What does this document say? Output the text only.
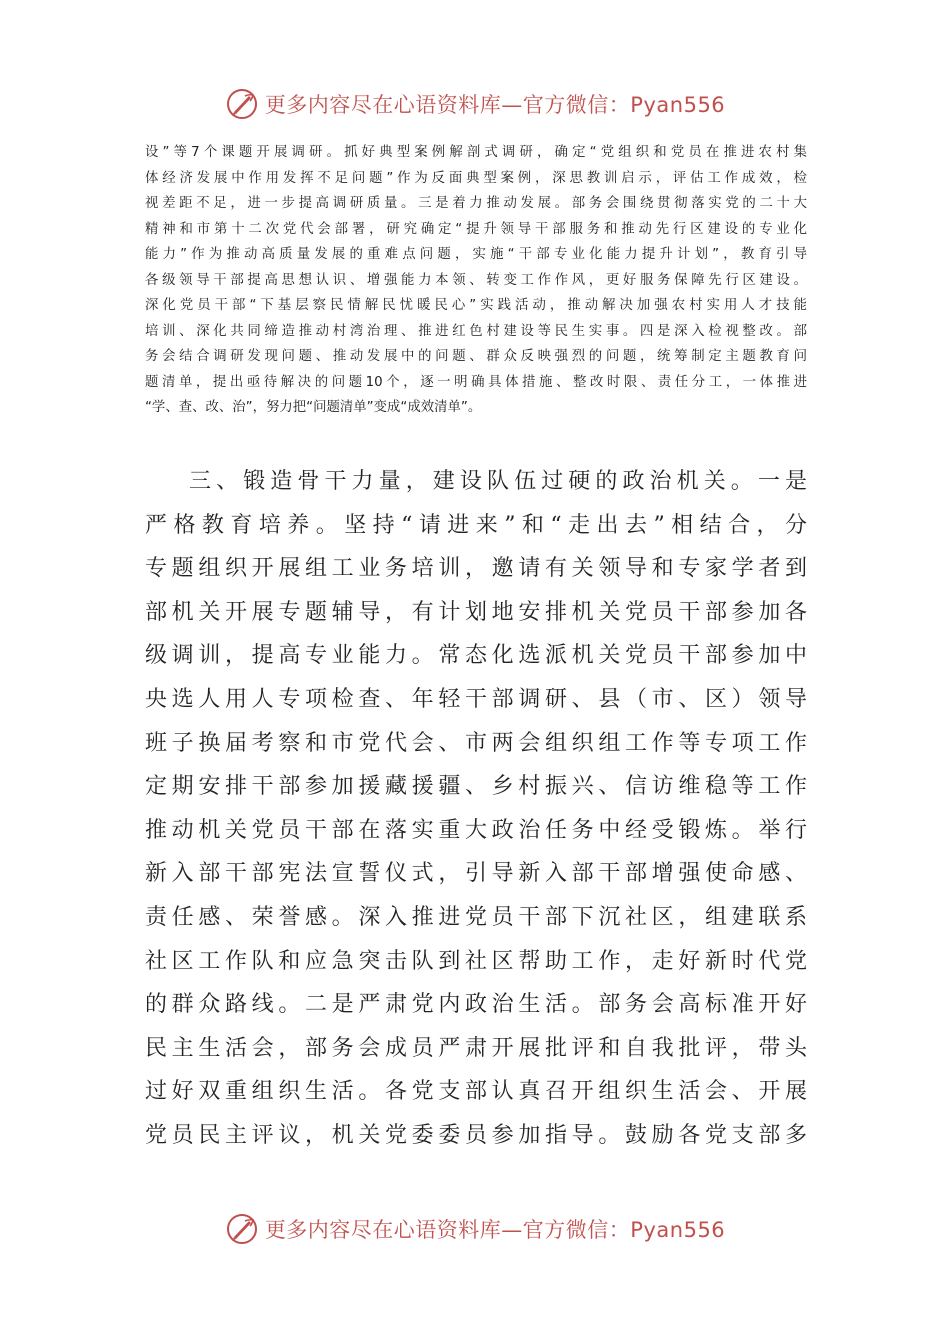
更多内容尽在心语资料库—官方微信：Pyan556
设”等7个课题开展调研。抓好典型案例解剖式调研，确定“党组织和党员在推进农村集
体经济发展中作用发挥不足问题”作为反面典型案例，深思教训启示，评估工作成效，检
视差距不足，进一步提高调研质量。三是着力推动发展。部务会围绕贯彻落实党的二十大
精神和市第十二次党代会部署，研究确定“提升领导干部服务和推动先行区建设的专业化
能力”作为推动高质量发展的重难点问题，实施“干部专业化能力提升计划”，教育引导
各级领导干部提高思想认识、增强能力本领、转变工作作风，更好服务保障先行区建设。
深化党员干部“下基层察民情解民忧暖民心”实践活动，推动解决加强农村实用人才技能
培训、深化共同缔造推动村湾治理、推进红色村建设等民生实事。四是深入检视整改。部
务会结合调研发现问题、推动发展中的问题、群众反映强烈的问题，统筹制定主题教育问
题清单，提出亟待解决的问题10个，逐一明确具体措施、整改时限、责任分工，一体推进
“学、查、改、治”，努力把“问题清单”变成“成效清单”。
三、锻造骨干力量，建设队伍过硬的政治机关。一是
严格教育培养。坚持“请进来”和“走出去”相结合，分
专题组织开展组工业务培训，邀请有关领导和专家学者到
部机关开展专题辅导，有计划地安排机关党员干部参加各
级调训，提高专业能力。常态化选派机关党员干部参加中
央选人用人专项检查、年轻干部调研、县（市、区）领导
班子换届考察和市党代会、市两会组织组工作等专项工作
定期安排干部参加援藏援疆、乡村振兴、信访维稳等工作
推动机关党员干部在落实重大政治任务中经受锻炼。举行
新入部干部宪法宣誓仪式，引导新入部干部增强使命感、
责任感、荣誉感。深入推进党员干部下沉社区，组建联系
社区工作队和应急突击队到社区帮助工作，走好新时代党
的群众路线。二是严肃党内政治生活。部务会高标准开好
民主生活会，部务会成员严肃开展批评和自我批评，带头
过好双重组织生活。各党支部认真召开组织生活会、开展
党员民主评议，机关党委委员参加指导。鼓励各党支部多
更多内容尽在心语资料库—官方微信：Pyan556
